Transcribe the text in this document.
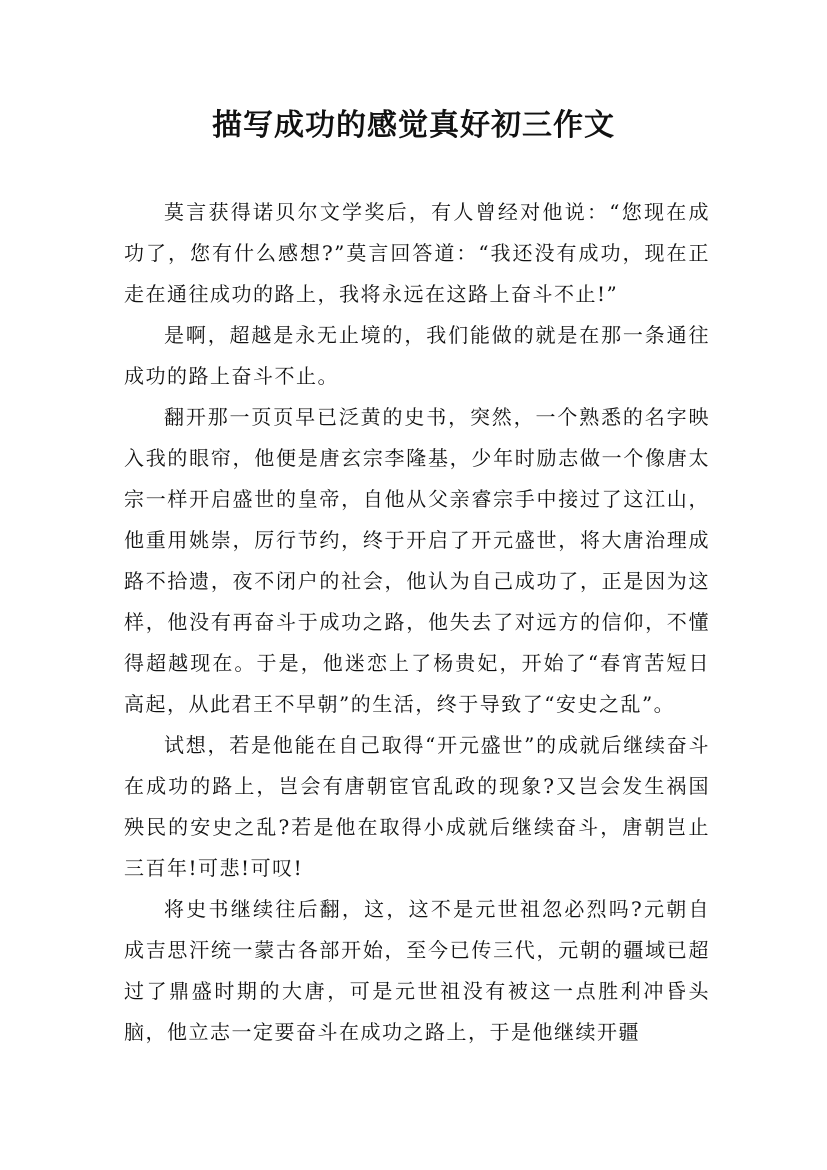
描写成功的感觉真好初三作文

莫言获得诺贝尔文学奖后，有人曾经对他说：“您现在成功了，您有什么感想?”莫言回答道：“我还没有成功，现在正走在通往成功的路上，我将永远在这路上奋斗不止!”

是啊，超越是永无止境的，我们能做的就是在那一条通往成功的路上奋斗不止。

翻开那一页页早已泛黄的史书，突然，一个熟悉的名字映入我的眼帘，他便是唐玄宗李隆基，少年时励志做一个像唐太宗一样开启盛世的皇帝，自他从父亲睿宗手中接过了这江山，他重用姚崇，厉行节约，终于开启了开元盛世，将大唐治理成路不拾遗，夜不闭户的社会，他认为自己成功了，正是因为这样，他没有再奋斗于成功之路，他失去了对远方的信仰，不懂得超越现在。于是，他迷恋上了杨贵妃，开始了“春宵苦短日高起，从此君王不早朝”的生活，终于导致了“安史之乱”。

试想，若是他能在自己取得“开元盛世”的成就后继续奋斗在成功的路上，岂会有唐朝宦官乱政的现象?又岂会发生祸国殃民的安史之乱?若是他在取得小成就后继续奋斗，唐朝岂止三百年!可悲!可叹!

将史书继续往后翻，这，这不是元世祖忽必烈吗?元朝自成吉思汗统一蒙古各部开始，至今已传三代，元朝的疆域已超过了鼎盛时期的大唐，可是元世祖没有被这一点胜利冲昏头脑，他立志一定要奋斗在成功之路上，于是他继续开疆
